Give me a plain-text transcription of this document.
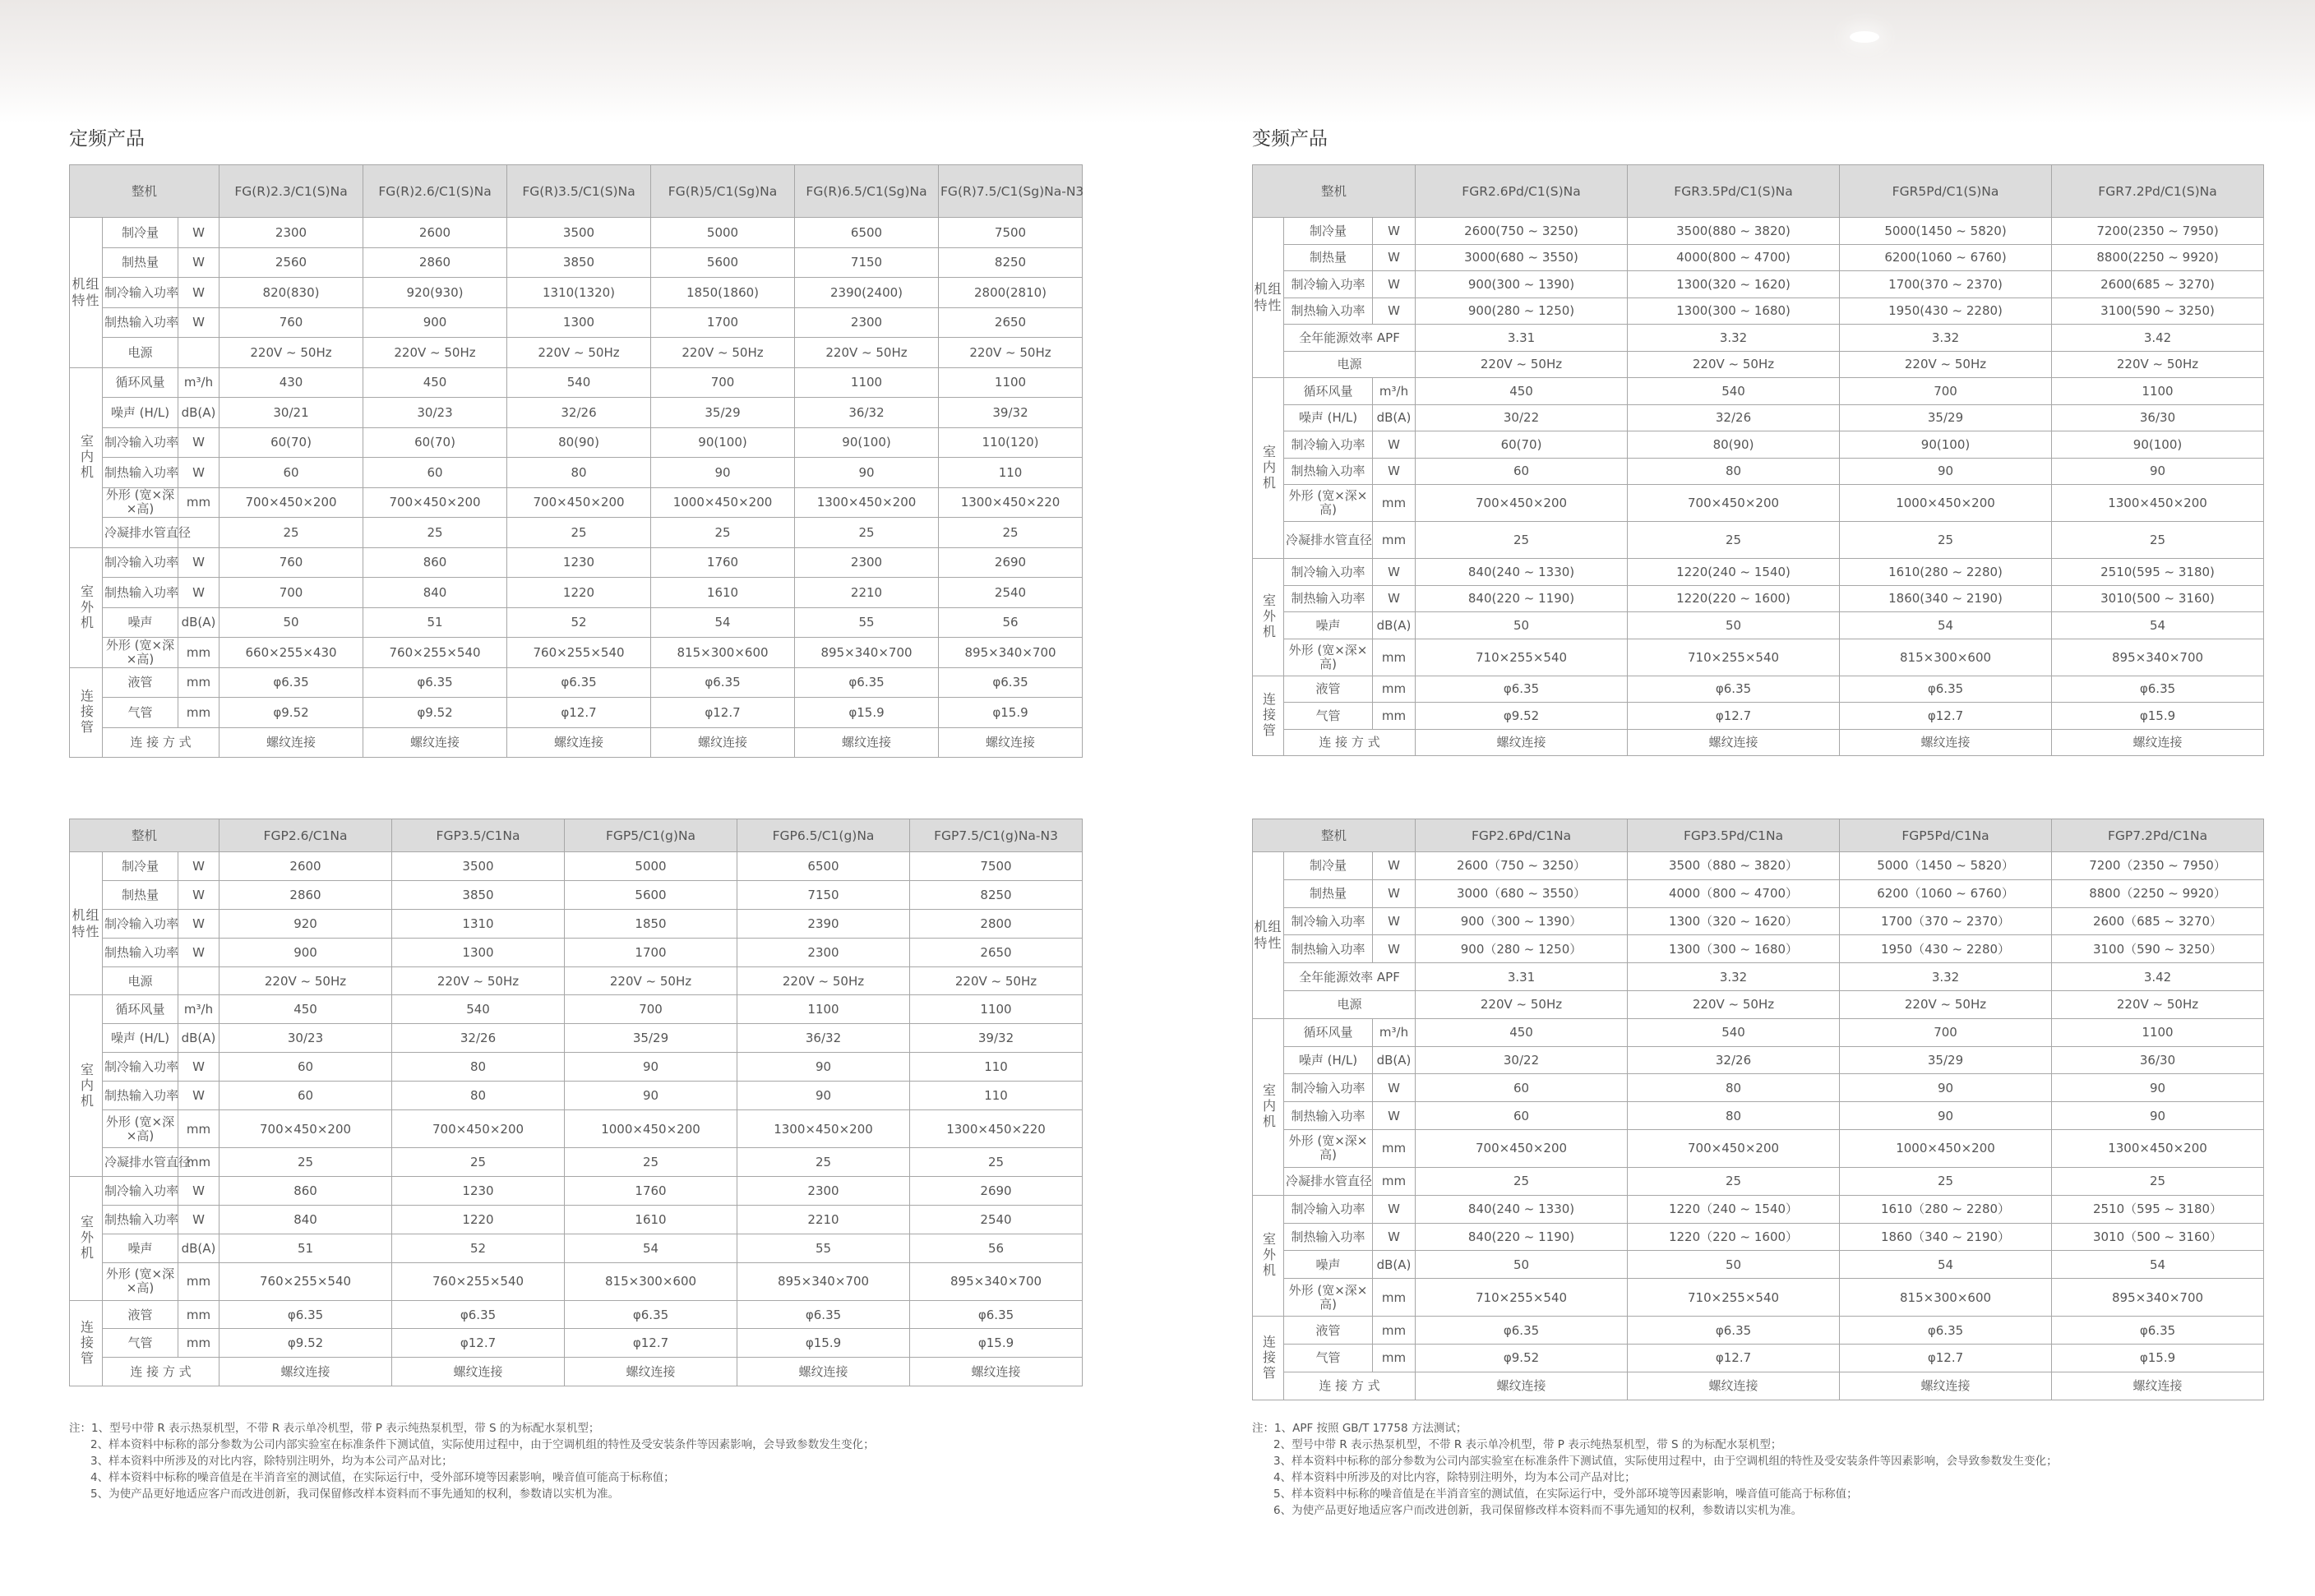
定频产品	变频产品
整机			FG(R)2.3/C1(S)Na	FG(R)2.6/C1(S)Na	FG(R)3.5/C1(S)Na	FG(R)5/C1(Sg)Na	FG(R)6.5/C1(Sg)Na	FG(R)7.5/C1(Sg)Na-N3
机组特性	制冷量	W	2300	2600	3500	5000	6500	7500
	制热量	W	2560	2860	3850	5600	7150	8250
	制冷输入功率	W	820(830)	920(930)	1310(1320)	1850(1860)	2390(2400)	2800(2810)
	制热输入功率	W	760	900	1300	1700	2300	2650
	电源		220V ~ 50Hz	220V ~ 50Hz	220V ~ 50Hz	220V ~ 50Hz	220V ~ 50Hz	220V ~ 50Hz
室内机	循环风量	m³/h	430	450	540	700	1100	1100
	噪声 (H/L)	dB(A)	30/21	30/23	32/26	35/29	36/32	39/32
	制冷输入功率	W	60(70)	60(70)	80(90)	90(100)	90(100)	110(120)
	制热输入功率	W	60	60	80	90	90	110
	外形 (宽×深×高)	mm	700×450×200	700×450×200	700×450×200	1000×450×200	1300×450×200	1300×450×220
	冷凝排水管直径		25	25	25	25	25	25
室外机	制冷输入功率	W	760	860	1230	1760	2300	2690
	制热输入功率	W	700	840	1220	1610	2210	2540
	噪声	dB(A)	50	51	52	54	55	56
	外形 (宽×深×高)	mm	660×255×430	760×255×540	760×255×540	815×300×600	895×340×700	895×340×700
连接管	液管	mm	φ6.35	φ6.35	φ6.35	φ6.35	φ6.35	φ6.35
	气管	mm	φ9.52	φ9.52	φ12.7	φ12.7	φ15.9	φ15.9
	连 接 方 式		螺纹连接	螺纹连接	螺纹连接	螺纹连接	螺纹连接	螺纹连接
整机			FGP2.6/C1Na	FGP3.5/C1Na	FGP5/C1(g)Na	FGP6.5/C1(g)Na	FGP7.5/C1(g)Na-N3
机组特性	制冷量	W	2600	3500	5000	6500	7500
	制热量	W	2860	3850	5600	7150	8250
	制冷输入功率	W	920	1310	1850	2390	2800
	制热输入功率	W	900	1300	1700	2300	2650
	电源		220V ~ 50Hz	220V ~ 50Hz	220V ~ 50Hz	220V ~ 50Hz	220V ~ 50Hz
室内机	循环风量	m³/h	450	540	700	1100	1100
	噪声 (H/L)	dB(A)	30/23	32/26	35/29	36/32	39/32
	制冷输入功率	W	60	80	90	90	110
	制热输入功率	W	60	80	90	90	110
	外形 (宽×深×高)	mm	700×450×200	700×450×200	1000×450×200	1300×450×200	1300×450×220
	冷凝排水管直径	mm	25	25	25	25	25
室外机	制冷输入功率	W	860	1230	1760	2300	2690
	制热输入功率	W	840	1220	1610	2210	2540
	噪声	dB(A)	51	52	54	55	56
	外形 (宽×深×高)	mm	760×255×540	760×255×540	815×300×600	895×340×700	895×340×700
连接管	液管	mm	φ6.35	φ6.35	φ6.35	φ6.35	φ6.35
	气管	mm	φ9.52	φ12.7	φ12.7	φ15.9	φ15.9
	连 接 方 式		螺纹连接	螺纹连接	螺纹连接	螺纹连接	螺纹连接
整机			FGR2.6Pd/C1(S)Na	FGR3.5Pd/C1(S)Na	FGR5Pd/C1(S)Na	FGR7.2Pd/C1(S)Na
机组特性	制冷量	W	2600(750 ~ 3250)	3500(880 ~ 3820)	5000(1450 ~ 5820)	7200(2350 ~ 7950)
	制热量	W	3000(680 ~ 3550)	4000(800 ~ 4700)	6200(1060 ~ 6760)	8800(2250 ~ 9920)
	制冷输入功率	W	900(300 ~ 1390)	1300(320 ~ 1620)	1700(370 ~ 2370)	2600(685 ~ 3270)
	制热输入功率	W	900(280 ~ 1250)	1300(300 ~ 1680)	1950(430 ~ 2280)	3100(590 ~ 3250)
	全年能源效率 APF		3.31	3.32	3.32	3.42
	电源		220V ~ 50Hz	220V ~ 50Hz	220V ~ 50Hz	220V ~ 50Hz
室内机	循环风量	m³/h	450	540	700	1100
	噪声 (H/L)	dB(A)	30/22	32/26	35/29	36/30
	制冷输入功率	W	60(70)	80(90)	90(100)	90(100)
	制热输入功率	W	60	80	90	90
	外形 (宽×深×高)	mm	700×450×200	700×450×200	1000×450×200	1300×450×200
	冷凝排水管直径	mm	25	25	25	25
室外机	制冷输入功率	W	840(240 ~ 1330)	1220(240 ~ 1540)	1610(280 ~ 2280)	2510(595 ~ 3180)
	制热输入功率	W	840(220 ~ 1190)	1220(220 ~ 1600)	1860(340 ~ 2190)	3010(500 ~ 3160)
	噪声	dB(A)	50	50	54	54
	外形 (宽×深×高)	mm	710×255×540	710×255×540	815×300×600	895×340×700
连接管	液管	mm	φ6.35	φ6.35	φ6.35	φ6.35
	气管	mm	φ9.52	φ12.7	φ12.7	φ15.9
	连 接 方 式		螺纹连接	螺纹连接	螺纹连接	螺纹连接
整机			FGP2.6Pd/C1Na	FGP3.5Pd/C1Na	FGP5Pd/C1Na	FGP7.2Pd/C1Na
机组特性	制冷量	W	2600（750 ~ 3250）	3500（880 ~ 3820）	5000（1450 ~ 5820）	7200（2350 ~ 7950）
	制热量	W	3000（680 ~ 3550）	4000（800 ~ 4700）	6200（1060 ~ 6760）	8800（2250 ~ 9920）
	制冷输入功率	W	900（300 ~ 1390）	1300（320 ~ 1620）	1700（370 ~ 2370）	2600（685 ~ 3270）
	制热输入功率	W	900（280 ~ 1250）	1300（300 ~ 1680）	1950（430 ~ 2280）	3100（590 ~ 3250）
	全年能源效率 APF		3.31	3.32	3.32	3.42
	电源		220V ~ 50Hz	220V ~ 50Hz	220V ~ 50Hz	220V ~ 50Hz
室内机	循环风量	m³/h	450	540	700	1100
	噪声 (H/L)	dB(A)	30/22	32/26	35/29	36/30
	制冷输入功率	W	60	80	90	90
	制热输入功率	W	60	80	90	90
	外形 (宽×深×高)	mm	700×450×200	700×450×200	1000×450×200	1300×450×200
	冷凝排水管直径	mm	25	25	25	25
室外机	制冷输入功率	W	840(240 ~ 1330)	1220（240 ~ 1540）	1610（280 ~ 2280）	2510（595 ~ 3180）
	制热输入功率	W	840(220 ~ 1190)	1220（220 ~ 1600）	1860（340 ~ 2190）	3010（500 ~ 3160）
	噪声	dB(A)	50	50	54	54
	外形 (宽×深×高)	mm	710×255×540	710×255×540	815×300×600	895×340×700
连接管	液管	mm	φ6.35	φ6.35	φ6.35	φ6.35
	气管	mm	φ9.52	φ12.7	φ12.7	φ15.9
	连 接 方 式		螺纹连接	螺纹连接	螺纹连接	螺纹连接
注：1、型号中带 R 表示热泵机型，不带 R 表示单冷机型，带 P 表示纯热泵机型，带 S 的为标配水泵机型；
2、样本资料中标称的部分参数为公司内部实验室在标准条件下测试值，实际使用过程中，由于空调机组的特性及受安装条件等因素影响，会导致参数发生变化；
3、样本资料中所涉及的对比内容，除特别注明外，均为本公司产品对比；
4、样本资料中标称的噪音值是在半消音室的测试值，在实际运行中，受外部环境等因素影响，噪音值可能高于标称值；
5、为使产品更好地适应客户而改进创新，我司保留修改样本资料而不事先通知的权利，参数请以实机为准。
注：1、APF 按照 GB/T 17758 方法测试；
2、型号中带 R 表示热泵机型，不带 R 表示单冷机型，带 P 表示纯热泵机型，带 S 的为标配水泵机型；
3、样本资料中标称的部分参数为公司内部实验室在标准条件下测试值，实际使用过程中，由于空调机组的特性及受安装条件等因素影响，会导致参数发生变化；
4、样本资料中所涉及的对比内容，除特别注明外，均为本公司产品对比；
5、样本资料中标称的噪音值是在半消音室的测试值，在实际运行中，受外部环境等因素影响，噪音值可能高于标称值；
6、为使产品更好地适应客户而改进创新，我司保留修改样本资料而不事先通知的权利，参数请以实机为准。
